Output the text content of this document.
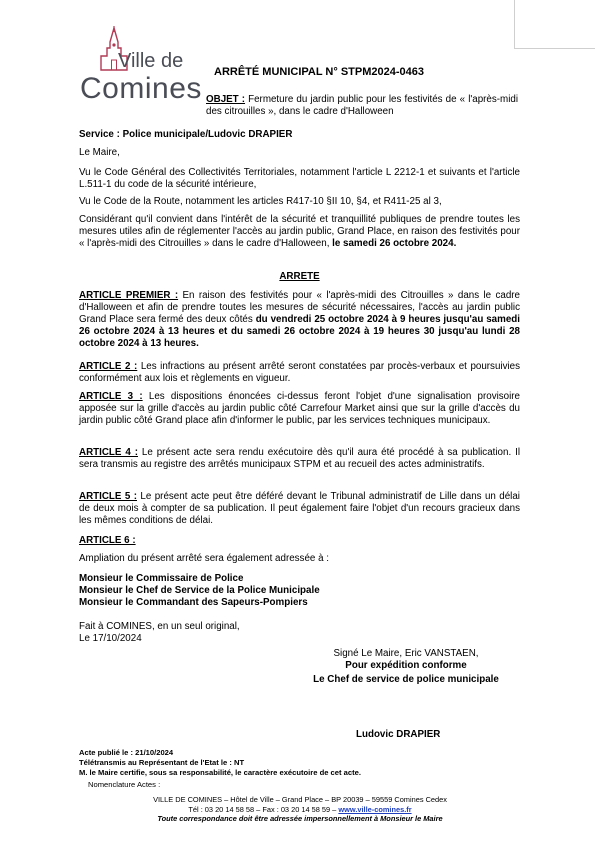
Ville de
Comines ARRÊTÉ MUNICIPAL N° STPM2024-0463
OBJET : Fermeture du jardin public pour les festivités de « l'après-midi des citrouilles », dans le cadre d'Halloween
Service : Police municipale/Ludovic DRAPIER
Le Maire,
Vu le Code Général des Collectivités Territoriales, notamment l'article L 2212-1 et suivants et l'article L.511-1 du code de la sécurité intérieure,
Vu le Code de la Route, notamment les articles R417-10 §II 10, §4, et R411-25 al 3,
Considérant qu'il convient dans l'intérêt de la sécurité et tranquillité publiques de prendre toutes les mesures utiles afin de réglementer l'accès au jardin public, Grand Place, en raison des festivités pour « l'après-midi des Citrouilles » dans le cadre d'Halloween, le samedi 26 octobre 2024.
ARRETE
ARTICLE PREMIER : En raison des festivités pour « l'après-midi des Citrouilles » dans le cadre d'Halloween et afin de prendre toutes les mesures de sécurité nécessaires, l'accès au jardin public Grand Place sera fermé des deux côtés du vendredi 25 octobre 2024 à 9 heures jusqu'au samedi 26 octobre 2024 à 13 heures et du samedi 26 octobre 2024 à 19 heures 30 jusqu'au lundi 28 octobre 2024 à 13 heures.
ARTICLE 2 : Les infractions au présent arrêté seront constatées par procès-verbaux et poursuivies conformément aux lois et règlements en vigueur.
ARTICLE 3 : Les dispositions énoncées ci-dessus feront l'objet d'une signalisation provisoire apposée sur la grille d'accès au jardin public côté Carrefour Market ainsi que sur la grille d'accès du jardin public côté Grand place afin d'informer le public, par les services techniques municipaux.
ARTICLE 4 : Le présent acte sera rendu exécutoire dès qu'il aura été procédé à sa publication. Il sera transmis au registre des arrêtés municipaux STPM et au recueil des actes administratifs.
ARTICLE 5 : Le présent acte peut être déféré devant le Tribunal administratif de Lille dans un délai de deux mois à compter de sa publication. Il peut également faire l'objet d'un recours gracieux dans les mêmes conditions de délai.
ARTICLE 6 :
Ampliation du présent arrêté sera également adressée à :
Monsieur le Commissaire de Police
Monsieur le Chef de Service de la Police Municipale
Monsieur le Commandant des Sapeurs-Pompiers
Fait à COMINES, en un seul original,
Le 17/10/2024
Signé Le Maire, Eric VANSTAEN,
Pour expédition conforme
Le Chef de service de police municipale
Ludovic DRAPIER
Acte publié le : 21/10/2024
Télétransmis au Représentant de l'Etat le : NT
M. le Maire certifie, sous sa responsabilité, le caractère exécutoire de cet acte.
Nomenclature Actes :
VILLE DE COMINES – Hôtel de Ville – Grand Place – BP 20039 – 59559 Comines Cedex
Tél : 03 20 14 58 58 – Fax : 03 20 14 58 59 – www.ville-comines.fr
Toute correspondance doit être adressée impersonnellement à Monsieur le Maire
